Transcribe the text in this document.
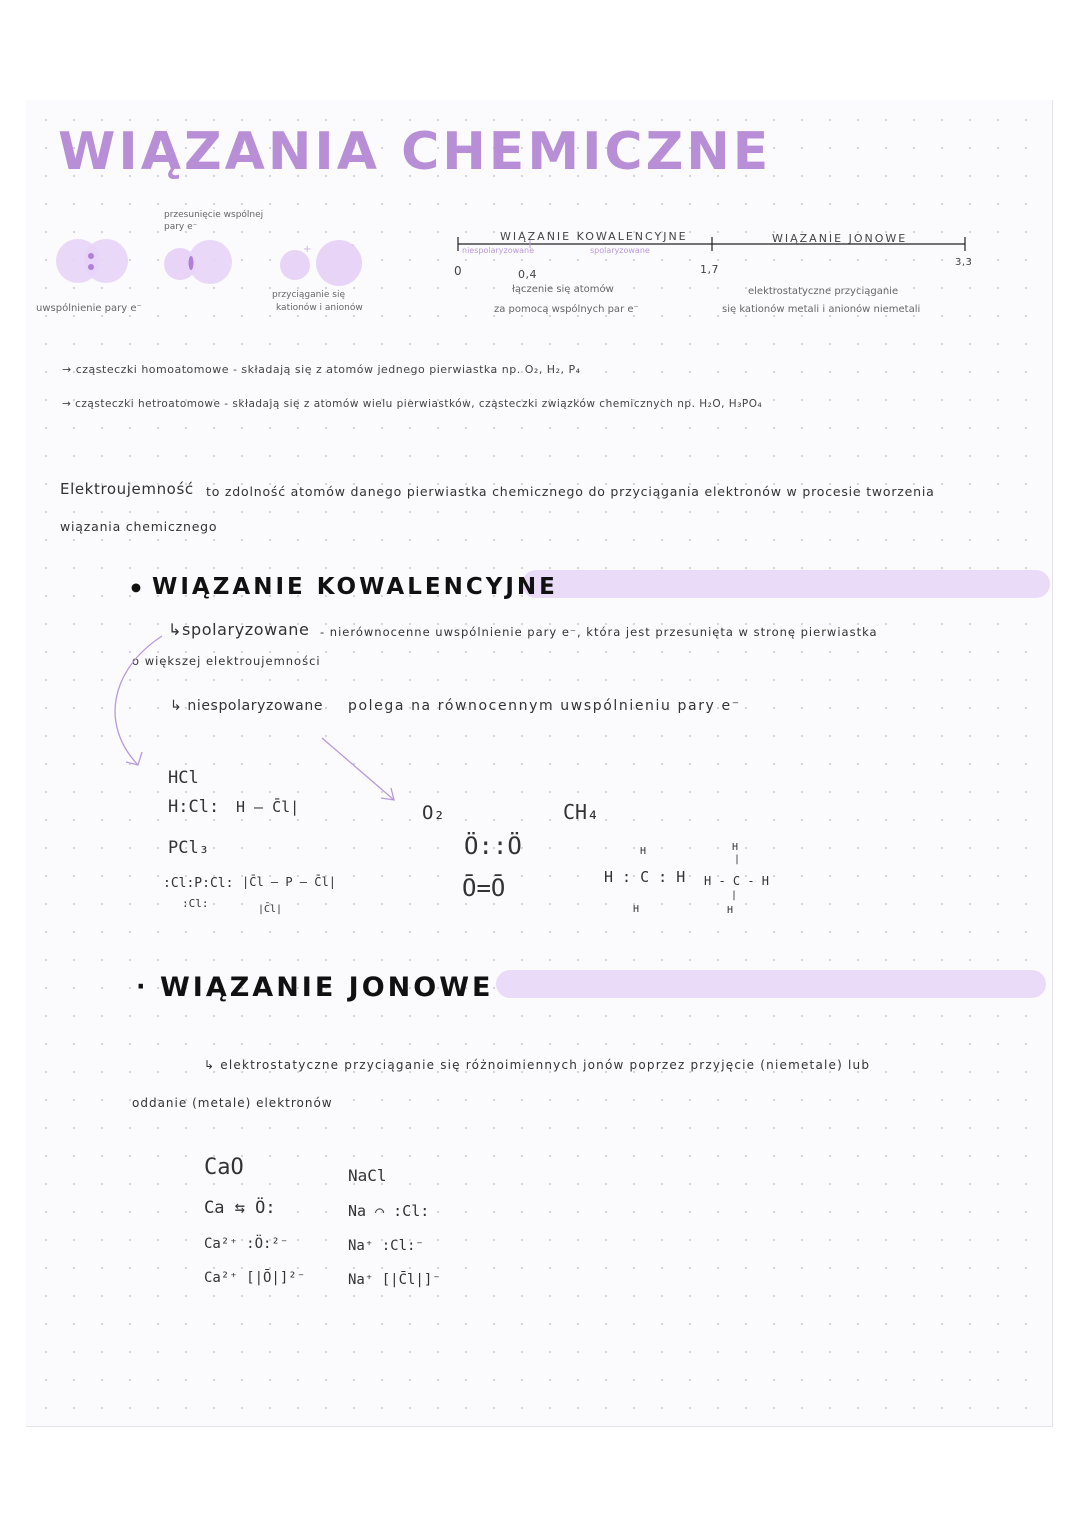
WIĄZANIA CHEMICZNE
+	-
uwspólnienie pary e⁻
przesunięcie wspólnej
pary e⁻
przyciąganie się
kationów i anionów
WIĄZANIE KOWALENCYJNE	WIĄZANIE JONOWE
niespolaryzowane	spolaryzowane
0	0,4	1,7
3,3
łączenie się atomów
za pomocą wspólnych par e⁻
elektrostatyczne przyciąganie
się kationów metali i anionów niemetali
→ cząsteczki homoatomowe - składają się z atomów jednego pierwiastka np. O₂, H₂, P₄
→ cząsteczki hetroatomowe - składają się z atomów wielu pierwiastków, cząsteczki związków chemicznych np. H₂O, H₃PO₄
Elektroujemność to zdolność atomów danego pierwiastka chemicznego do przyciągania elektronów w procesie tworzenia
wiązania chemicznego
• WIĄZANIE KOWALENCYJNE
↳spolaryzowane - nierównocenne uwspólnienie pary e⁻, która jest przesunięta w stronę pierwiastka
o większej elektroujemności
↳ niespolaryzowane polega na równocennym uwspólnieniu pary e⁻
HCl
H:Cl: H ‒ C̄l|
PCl₃
:Cl:P:Cl:
:Cl:
|C̄l ‒ P ‒ C̄l|
|C̄l|
O₂
Ö::Ö
Ō=Ō
CH₄
H
H : C : H
H
H
|
H - C - H
|
H
· WIĄZANIE JONOWE
↳ elektrostatyczne przyciąganie się różnoimiennych jonów poprzez przyjęcie (niemetale) lub
oddanie (metale) elektronów
CaO
Ca ⇆ Ö:
Ca²⁺ :Ö:²⁻
Ca²⁺ [|Ō|]²⁻
NaCl
Na ⌒ :Cl:
Na⁺ :Cl:⁻
Na⁺ [|C̄l|]⁻
